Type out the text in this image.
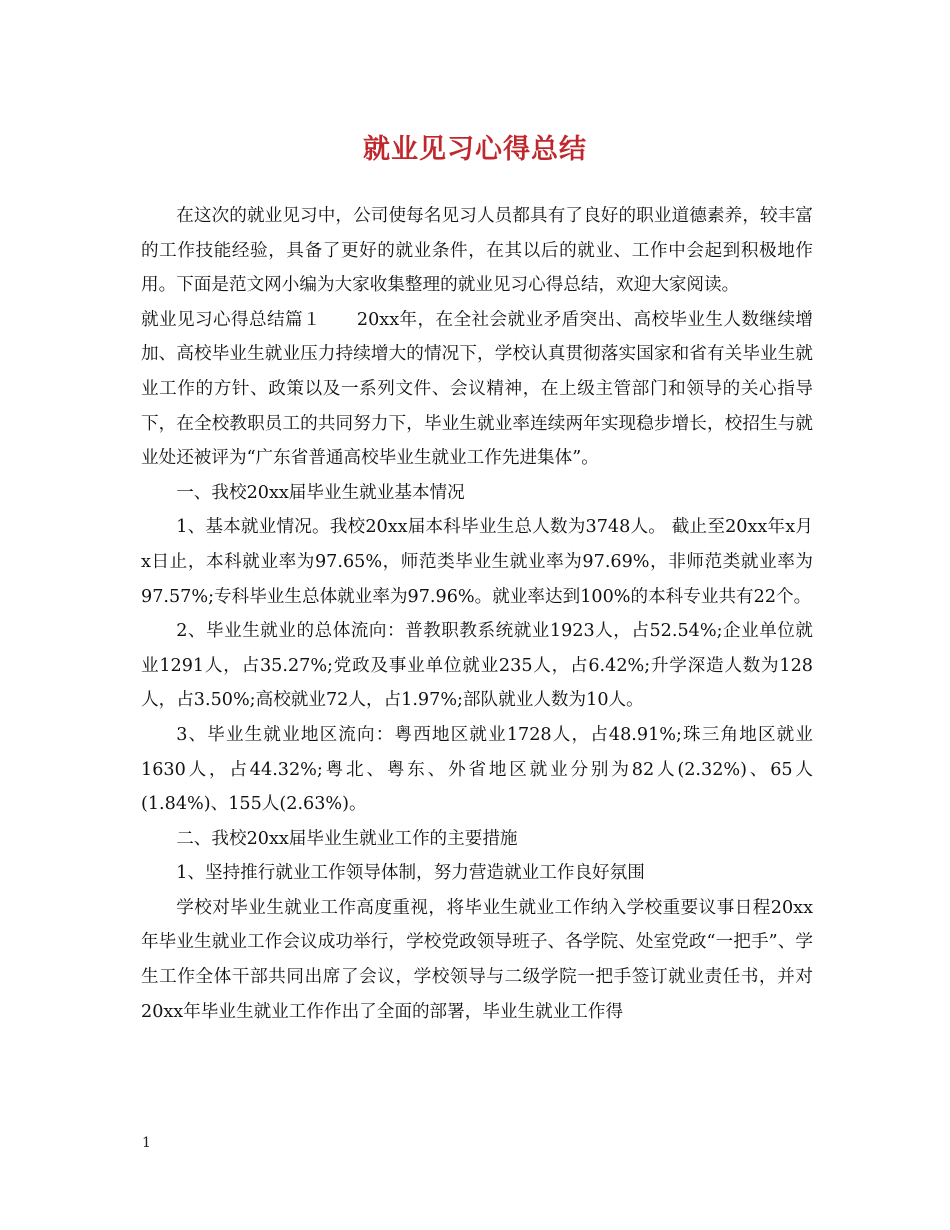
就业见习心得总结

在这次的就业见习中，公司使每名见习人员都具有了良好的职业道德素养，较丰富的工作技能经验，具备了更好的就业条件，在其以后的就业、工作中会起到积极地作用。下面是范文网小编为大家收集整理的就业见习心得总结，欢迎大家阅读。

就业见习心得总结篇１　　20xx年，在全社会就业矛盾突出、高校毕业生人数继续增加、高校毕业生就业压力持续增大的情况下，学校认真贯彻落实国家和省有关毕业生就业工作的方针、政策以及一系列文件、会议精神，在上级主管部门和领导的关心指导下，在全校教职员工的共同努力下，毕业生就业率连续两年实现稳步增长，校招生与就业处还被评为“广东省普通高校毕业生就业工作先进集体”。

一、我校20xx届毕业生就业基本情况

1、基本就业情况。我校20xx届本科毕业生总人数为3748人。 截止至20xx年x月x日止，本科就业率为97.65%，师范类毕业生就业率为97.69%，非师范类就业率为97.57%;专科毕业生总体就业率为97.96%。就业率达到100%的本科专业共有22个。

2、毕业生就业的总体流向：普教职教系统就业1923人，占52.54%;企业单位就业1291人，占35.27%;党政及事业单位就业235人，占6.42%;升学深造人数为128人，占3.50%;高校就业72人，占1.97%;部队就业人数为10人。

3、毕业生就业地区流向：粤西地区就业1728人，占48.91%;珠三角地区就业1630人，占44.32%;粤北、粤东、外省地区就业分别为82人(2.32%)、65人(1.84%)、155人(2.63%)。

二、我校20xx届毕业生就业工作的主要措施

1、坚持推行就业工作领导体制，努力营造就业工作良好氛围

学校对毕业生就业工作高度重视，将毕业生就业工作纳入学校重要议事日程20xx年毕业生就业工作会议成功举行，学校党政领导班子、各学院、处室党政“一把手”、学生工作全体干部共同出席了会议，学校领导与二级学院一把手签订就业责任书，并对20xx年毕业生就业工作作出了全面的部署，毕业生就业工作得

1
